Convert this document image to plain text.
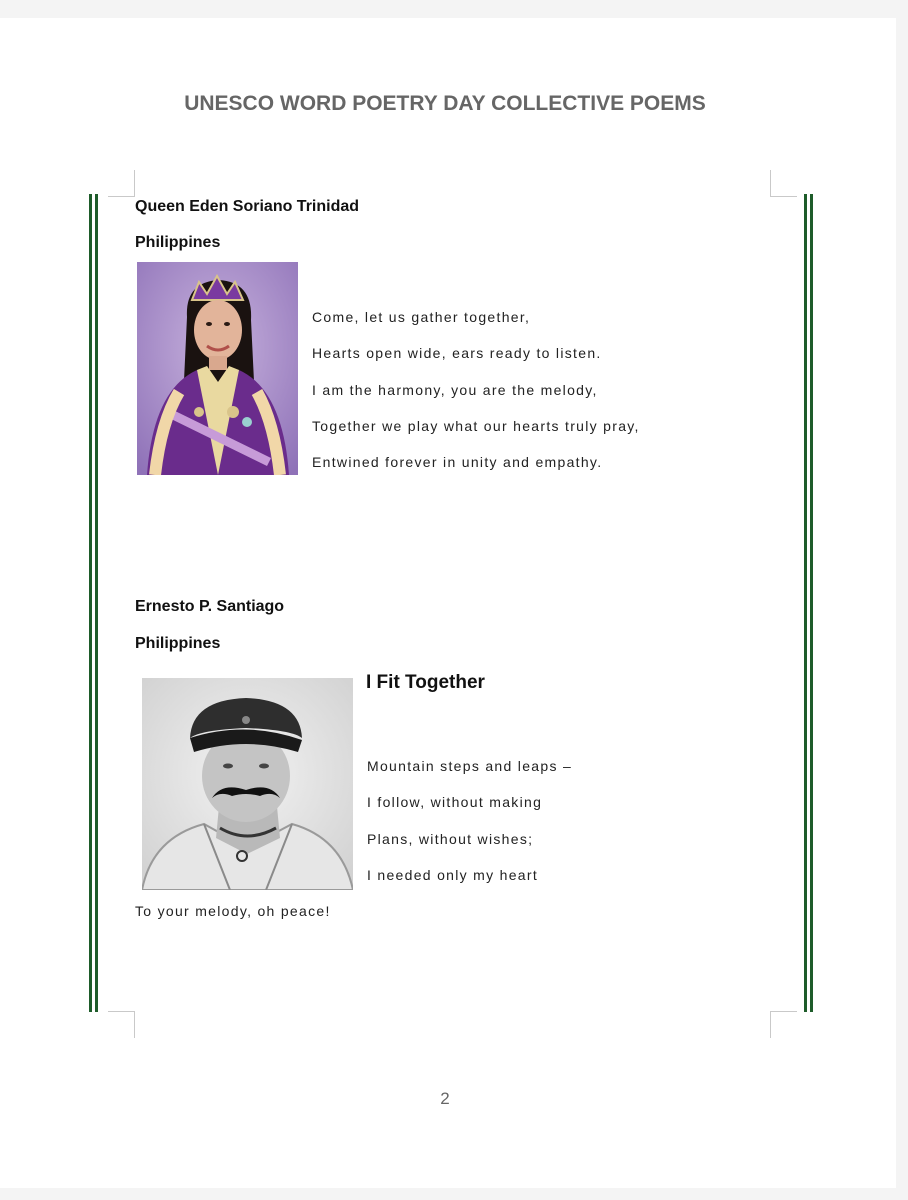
UNESCO WORD POETRY DAY COLLECTIVE POEMS
Queen Eden Soriano Trinidad
Philippines
Come, let us gather together,
Hearts open wide, ears ready to listen.
I am the harmony, you are the melody,
Together we play what our hearts truly pray,
Entwined forever in unity and empathy.
Ernesto P. Santiago
Philippines
I Fit Together
Mountain steps and leaps –
I follow, without making
Plans, without wishes;
I needed only my heart
To your melody, oh peace!
2
